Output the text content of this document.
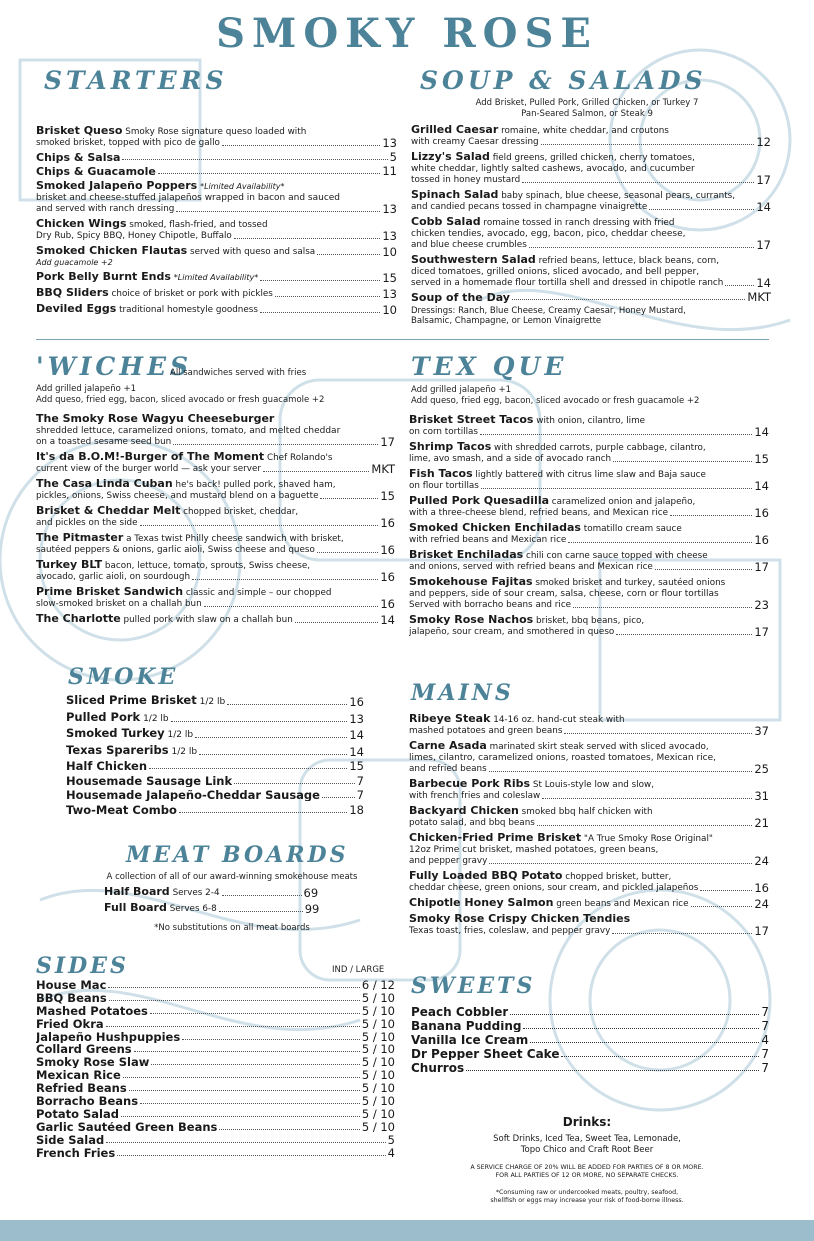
SMOKY ROSE
STARTERS
Brisket Queso Smoky Rose signature queso loaded with
smoked brisket, topped with pico de gallo	13
Chips & Salsa	5
Chips & Guacamole	11
Smoked Jalapeño Poppers *Limited Availability*
brisket and cheese-stuffed jalapeños wrapped in bacon and sauced
and served with ranch dressing	13
Chicken Wings smoked, flash-fried, and tossed
Dry Rub, Spicy BBQ, Honey Chipotle, Buffalo	13
Smoked Chicken Flautas served with queso and salsa	10
Add guacamole +2
Pork Belly Burnt Ends *Limited Availability*	15
BBQ Sliders choice of brisket or pork with pickles	13
Deviled Eggs traditional homestyle goodness	10
SOUP & SALADS
Add Brisket, Pulled Pork, Grilled Chicken, or Turkey 7
Pan-Seared Salmon, or Steak 9
Grilled Caesar romaine, white cheddar, and croutons
with creamy Caesar dressing	12
Lizzy's Salad field greens, grilled chicken, cherry tomatoes,
white cheddar, lightly salted cashews, avocado, and cucumber
tossed in honey mustard	17
Spinach Salad baby spinach, blue cheese, seasonal pears, currants,
and candied pecans tossed in champagne vinaigrette	14
Cobb Salad romaine tossed in ranch dressing with fried
chicken tendies, avocado, egg, bacon, pico, cheddar cheese,
and blue cheese crumbles	17
Southwestern Salad refried beans, lettuce, black beans, corn,
diced tomatoes, grilled onions, sliced avocado, and bell pepper,
served in a homemade flour tortilla shell and dressed in chipotle ranch	14
Soup of the Day	MKT
Dressings: Ranch, Blue Cheese, Creamy Caesar, Honey Mustard,
Balsamic, Champagne, or Lemon Vinaigrette
'WICHES
All sandwiches served with fries
Add grilled jalapeño +1
Add queso, fried egg, bacon, sliced avocado or fresh guacamole +2
The Smoky Rose Wagyu Cheeseburger
shredded lettuce, caramelized onions, tomato, and melted cheddar
on a toasted sesame seed bun	17
It's da B.O.M!-Burger of The Moment Chef Rolando's
current view of the burger world — ask your server	MKT
The Casa Linda Cuban he's back! pulled pork, shaved ham,
pickles, onions, Swiss cheese, and mustard blend on a baguette	15
Brisket & Cheddar Melt chopped brisket, cheddar,
and pickles on the side	16
The Pitmaster a Texas twist Philly cheese sandwich with brisket,
sautéed peppers & onions, garlic aioli, Swiss cheese and queso	16
Turkey BLT bacon, lettuce, tomato, sprouts, Swiss cheese,
avocado, garlic aioli, on sourdough	16
Prime Brisket Sandwich classic and simple – our chopped
slow-smoked brisket on a challah bun	16
The Charlotte pulled pork with slaw on a challah bun	14
TEX QUE
Add grilled jalapeño +1
Add queso, fried egg, bacon, sliced avocado or fresh guacamole +2
Brisket Street Tacos with onion, cilantro, lime
on corn tortillas	14
Shrimp Tacos with shredded carrots, purple cabbage, cilantro,
lime, avo smash, and a side of avocado ranch	15
Fish Tacos lightly battered with citrus lime slaw and Baja sauce
on flour tortillas	14
Pulled Pork Quesadilla caramelized onion and jalapeño,
with a three-cheese blend, refried beans, and Mexican rice	16
Smoked Chicken Enchiladas tomatillo cream sauce
with refried beans and Mexican rice	16
Brisket Enchiladas chili con carne sauce topped with cheese
and onions, served with refried beans and Mexican rice	17
Smokehouse Fajitas smoked brisket and turkey, sautéed onions
and peppers, side of sour cream, salsa, cheese, corn or flour tortillas
Served with borracho beans and rice	23
Smoky Rose Nachos brisket, bbq beans, pico,
jalapeño, sour cream, and smothered in queso	17
SMOKE
Sliced Prime Brisket 1/2 lb	16
Pulled Pork 1/2 lb	13
Smoked Turkey 1/2 lb	14
Texas Spareribs 1/2 lb	14
Half Chicken	15
Housemade Sausage Link	7
Housemade Jalapeño-Cheddar Sausage	7
Two-Meat Combo	18
MEAT BOARDS
A collection of all of our award-winning smokehouse meats
Half Board Serves 2-4	69
Full Board Serves 6-8	99
*No substitutions on all meat boards
SIDES	IND / LARGE
House Mac	6 / 12
BBQ Beans	5 / 10
Mashed Potatoes	5 / 10
Fried Okra	5 / 10
Jalapeño Hushpuppies	5 / 10
Collard Greens	5 / 10
Smoky Rose Slaw	5 / 10
Mexican Rice	5 / 10
Refried Beans	5 / 10
Borracho Beans	5 / 10
Potato Salad	5 / 10
Garlic Sautéed Green Beans	5 / 10
Side Salad	5
French Fries	4
MAINS
Ribeye Steak 14-16 oz. hand-cut steak with
mashed potatoes and green beans	37
Carne Asada marinated skirt steak served with sliced avocado,
limes, cilantro, caramelized onions, roasted tomatoes, Mexican rice,
and refried beans	25
Barbecue Pork Ribs St Louis-style low and slow,
with french fries and coleslaw	31
Backyard Chicken smoked bbq half chicken with
potato salad, and bbq beans	21
Chicken-Fried Prime Brisket "A True Smoky Rose Original"
12oz Prime cut brisket, mashed potatoes, green beans,
and pepper gravy	24
Fully Loaded BBQ Potato chopped brisket, butter,
cheddar cheese, green onions, sour cream, and pickled jalapeños	16
Chipotle Honey Salmon green beans and Mexican rice	24
Smoky Rose Crispy Chicken Tendies
Texas toast, fries, coleslaw, and pepper gravy	17
SWEETS
Peach Cobbler	7
Banana Pudding	7
Vanilla Ice Cream	4
Dr Pepper Sheet Cake	7
Churros	7
Drinks:
Soft Drinks, Iced Tea, Sweet Tea, Lemonade,
Topo Chico and Craft Root Beer
A SERVICE CHARGE OF 20% WILL BE ADDED FOR PARTIES OF 8 OR MORE.
FOR ALL PARTIES OF 12 OR MORE, NO SEPARATE CHECKS.
*Consuming raw or undercooked meats, poultry, seafood,
shellfish or eggs may increase your risk of food-borne illness.
